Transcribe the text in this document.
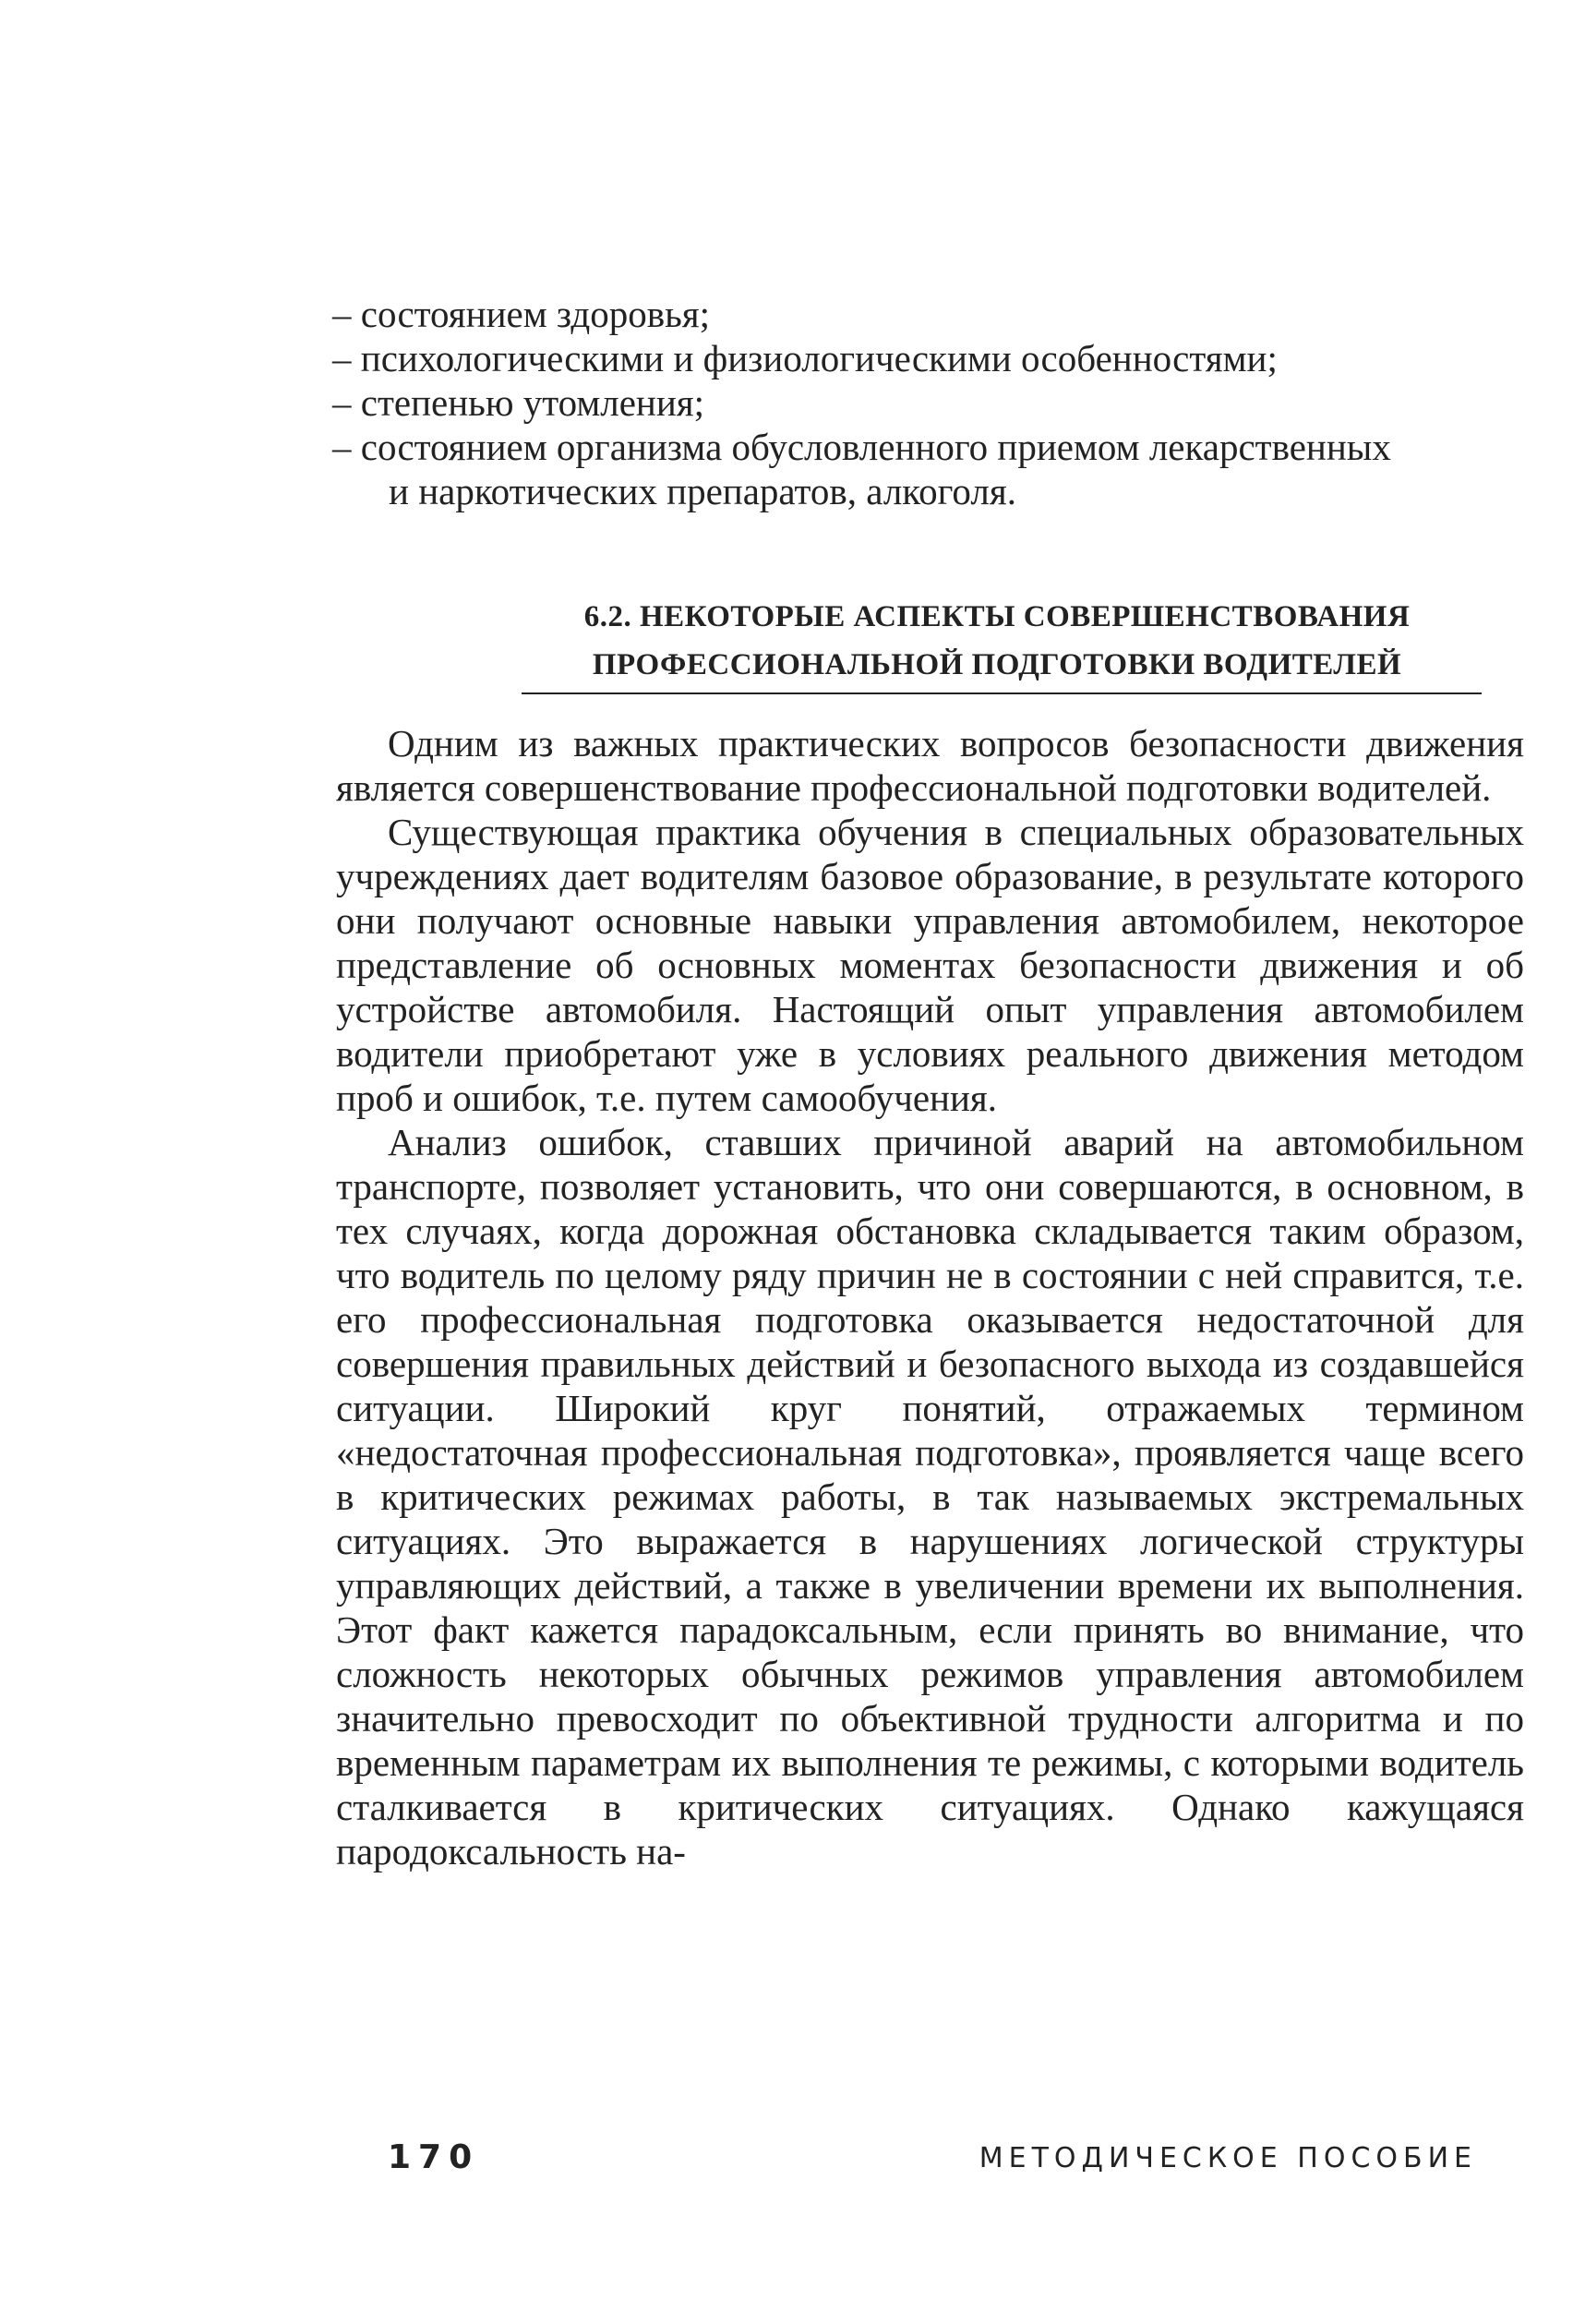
– состоянием здоровья;
– психологическими и физиологическими особенностями;
– степенью утомления;
– состоянием организма обусловленного приемом лекарственных
и наркотических препаратов, алкоголя.
6.2. НЕКОТОРЫЕ АСПЕКТЫ СОВЕРШЕНСТВОВАНИЯ
ПРОФЕССИОНАЛЬНОЙ ПОДГОТОВКИ ВОДИТЕЛЕЙ

Одним из важных практических вопросов безопасности движения является совершенствование профессиональной подготовки водителей.

Существующая практика обучения в специальных образовательных учреждениях дает водителям базовое образование, в результате которого они получают основные навыки управления автомобилем, некоторое представление об основных моментах безопасности движения и об устройстве автомобиля. Настоящий опыт управления автомобилем водители приобретают уже в условиях реального движения методом проб и ошибок, т.е. путем самообучения.

Анализ ошибок, ставших причиной аварий на автомобильном транспорте, позволяет установить, что они совершаются, в основном, в тех случаях, когда дорожная обстановка складывается таким образом, что водитель по целому ряду причин не в состоянии с ней справится, т.е. его профессиональная подготовка оказывается недостаточной для совершения правильных действий и безопасного выхода из создавшейся ситуации. Широкий круг понятий, отражаемых термином «недостаточная профессиональная подготовка», проявляется чаще всего в критических режимах работы, в так называемых экстремальных ситуациях. Это выражается в нарушениях логической структуры управляющих действий, а также в увеличении времени их выполнения. Этот факт кажется парадоксальным, если принять во внимание, что сложность некоторых обычных режимов управления автомобилем значительно превосходит по объективной трудности алгоритма и по временным параметрам их выполнения те режимы, с которыми водитель сталкивается в критических ситуациях. Однако кажущаяся пародоксальность на-

170	МЕТОДИЧЕСКОЕ ПОСОБИЕ
